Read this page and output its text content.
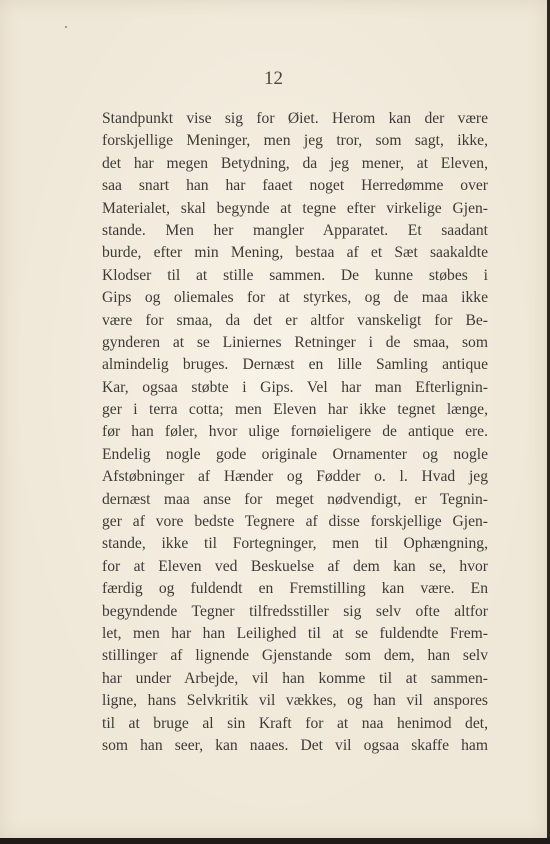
12
Standpunkt vise sig for Øiet. Herom kan der være
forskjellige Meninger, men jeg tror, som sagt, ikke,
det har megen Betydning, da jeg mener, at Eleven,
saa snart han har faaet noget Herredømme over
Materialet, skal begynde at tegne efter virkelige Gjen-
stande. Men her mangler Apparatet. Et saadant
burde, efter min Mening, bestaa af et Sæt saakaldte
Klodser til at stille sammen. De kunne støbes i
Gips og oliemales for at styrkes, og de maa ikke
være for smaa, da det er altfor vanskeligt for Be-
gynderen at se Liniernes Retninger i de smaa, som
almindelig bruges. Dernæst en lille Samling antique
Kar, ogsaa støbte i Gips. Vel har man Efterlignin-
ger i terra cotta; men Eleven har ikke tegnet længe,
før han føler, hvor ulige fornøieligere de antique ere.
Endelig nogle gode originale Ornamenter og nogle
Afstøbninger af Hænder og Fødder o. l. Hvad jeg
dernæst maa anse for meget nødvendigt, er Tegnin-
ger af vore bedste Tegnere af disse forskjellige Gjen-
stande, ikke til Fortegninger, men til Ophængning,
for at Eleven ved Beskuelse af dem kan se, hvor
færdig og fuldendt en Fremstilling kan være. En
begyndende Tegner tilfredsstiller sig selv ofte altfor
let, men har han Leilighed til at se fuldendte Frem-
stillinger af lignende Gjenstande som dem, han selv
har under Arbejde, vil han komme til at sammen-
ligne, hans Selvkritik vil vækkes, og han vil anspores
til at bruge al sin Kraft for at naa henimod det,
som han seer, kan naaes. Det vil ogsaa skaffe ham
